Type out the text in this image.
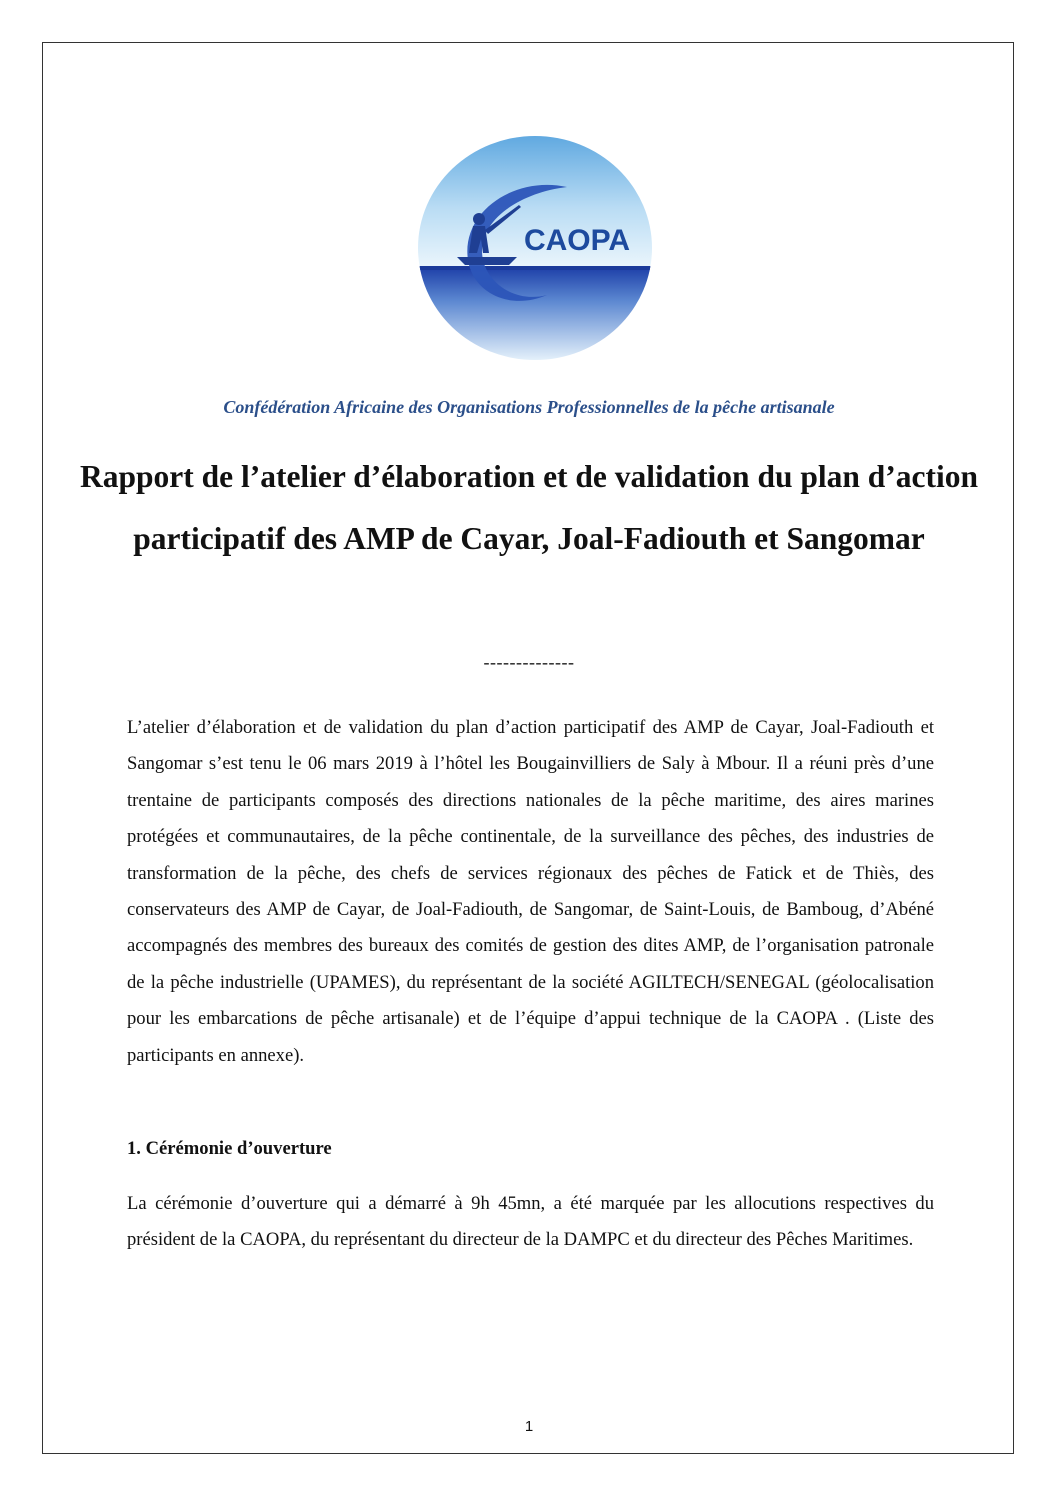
CAOPA
Confédération Africaine des Organisations Professionnelles de la pêche artisanale
Rapport de l’atelier d’élaboration et de validation du plan d’action participatif des AMP de Cayar, Joal-Fadiouth et Sangomar
--------------

L’atelier d’élaboration et de validation du plan d’action participatif des AMP de Cayar, Joal-Fadiouth et Sangomar s’est tenu le 06 mars 2019 à l’hôtel les Bougainvilliers de Saly à Mbour. Il a réuni près d’une trentaine de participants composés des directions nationales de la pêche maritime, des aires marines protégées et communautaires, de la pêche continentale, de la surveillance des pêches, des industries de transformation de la pêche, des chefs de services régionaux des pêches de Fatick et de Thiès, des conservateurs des AMP de Cayar, de Joal-Fadiouth, de Sangomar, de Saint-Louis, de Bamboug, d’Abéné accompagnés des membres des bureaux des comités de gestion des dites AMP, de l’organisation patronale de la pêche industrielle (UPAMES), du représentant de la société AGILTECH/SENEGAL (géolocalisation pour les embarcations de pêche artisanale) et de l’équipe d’appui technique de la CAOPA . (Liste des participants en annexe).

1. Cérémonie d’ouverture

La cérémonie d’ouverture qui a démarré à 9h 45mn, a été marquée par les allocutions respectives du président de la CAOPA, du représentant du directeur de la DAMPC et du directeur des Pêches Maritimes.

1
